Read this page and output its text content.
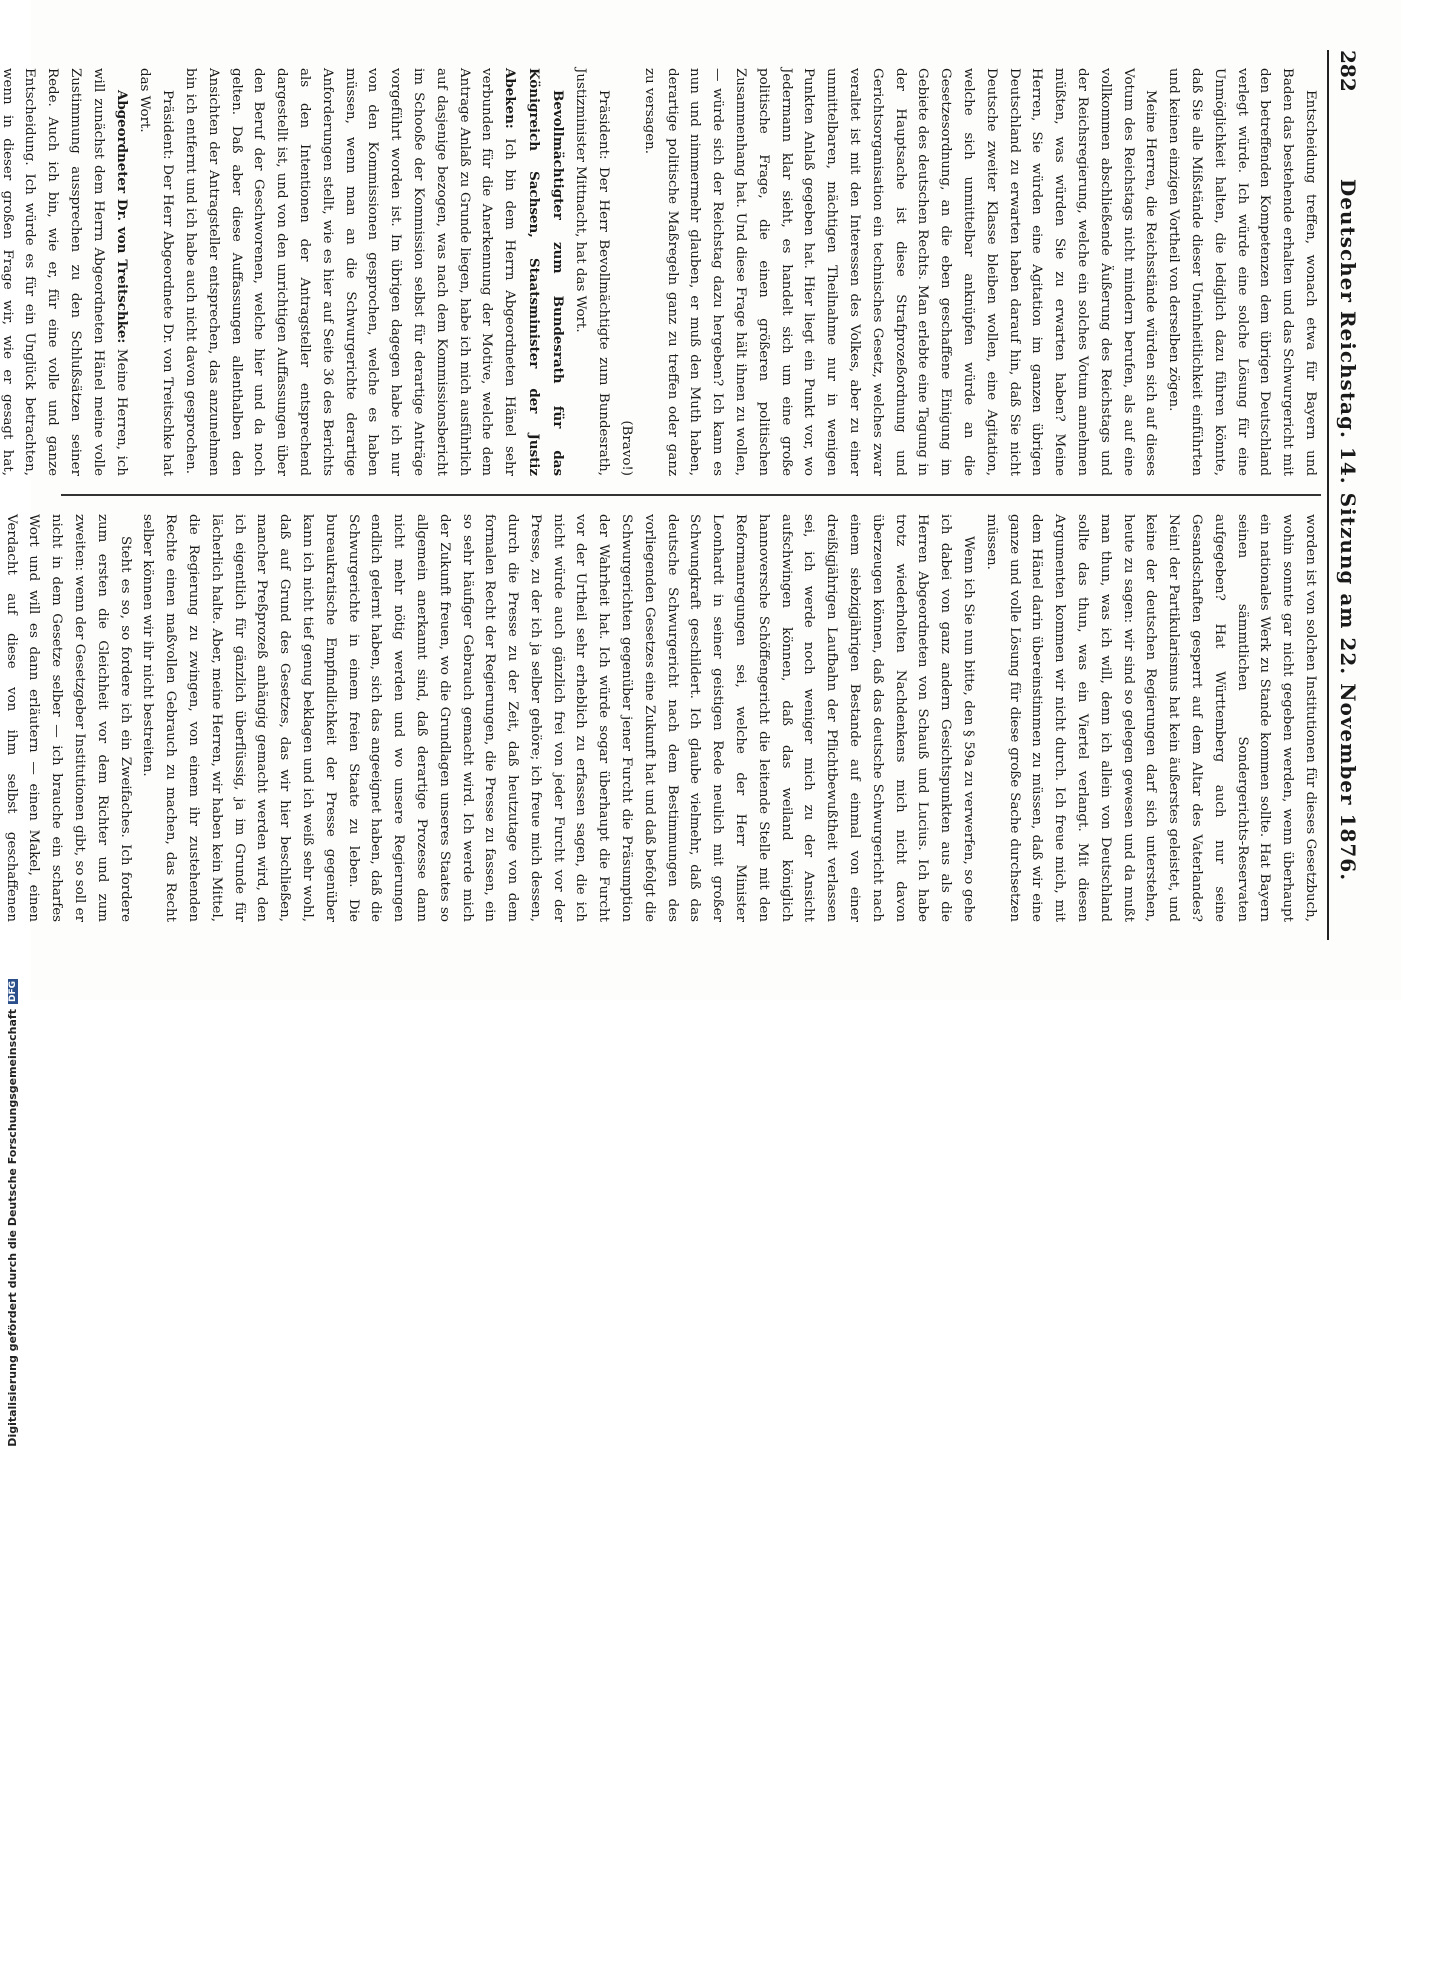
282
Deutscher Reichstag. 14. Sitzung am 22. November 1876.

Entscheidung treffen, wonach etwa für Bayern und Baden das bestehende erhalten und das Schwurgericht mit den betreffenden Kompetenzen dem übrigen Deutschland verlegt würde. Ich würde eine solche Lösung für eine Unmöglichkeit halten, die lediglich dazu führen könnte, daß Sie alle Mißstände dieser Uneinheitlichkeit einführten und keinen einzigen Vortheil von derselben zögen.

Meine Herren, die Reichsstände würden sich auf dieses Votum des Reichstags nicht mindern berufen, als auf eine vollkommen abschließende Äußerung des Reichstags und der Reichsregierung, welche ein solches Votum annehmen müßten, was würden Sie zu erwarten haben? Meine Herren, Sie würden eine Agitation im ganzen übrigen Deutschland zu erwarten haben darauf hin, daß Sie nicht Deutsche zweiter Klasse bleiben wollen, eine Agitation, welche sich unmittelbar anknüpfen würde an die Gesetzesordnung, an die eben geschaffene Einigung im Gebiete des deutschen Rechts. Man erlebte eine Tagung in der Hauptsache ist diese Strafprozeßordnung und Gerichtsorganisation ein technisches Gesetz, welches zwar veraltet ist mit den Interessen des Volkes, aber zu einer unmittelbaren, mächtigen Theilnahme nur in wenigen Punkten Anlaß gegeben hat. Hier liegt ein Punkt vor, wo Jedermann klar sieht, es handelt sich um eine große politische Frage, die einen größeren politischen Zusammenhang hat. Und diese Frage hält ihnen zu wollen, — würde sich der Reichstag dazu hergeben? Ich kann es nun und nimmermehr glauben, er muß den Muth haben, derartige politische Maßregeln ganz zu treffen oder ganz zu versagen.

(Bravo!)

Präsident: Der Herr Bevollmächtigte zum Bundesrath, Justizminister Mittnacht, hat das Wort.

Bevollmächtigter zum Bundesrath für das Königreich Sachsen, Staatsminister der Justiz Abeken: Ich bin dem Herrn Abgeordneten Hänel sehr verbunden für die Anerkennung der Motive, welche dem Antrage Anlaß zu Grunde liegen, habe ich mich ausführlich auf dasjenige bezogen, was nach dem Kommissionsbericht im Schooße der Kommission selbst für derartige Anträge vorgeführt worden ist. Im übrigen dagegen habe ich nur von den Kommissionen gesprochen, welche es haben müssen, wenn man an die Schwurgerichte derartige Anforderungen stellt, wie es hier auf Seite 36 des Berichts als den Intentionen der Antragsteller entsprechend dargestellt ist, und von den unrichtigen Auffassungen über den Beruf der Geschworenen, welche hier und da noch gelten. Daß aber diese Auffassungen allenthalben den Ansichten der Antragsteller entsprechen, das anzunehmen bin ich entfernt und ich habe auch nicht davon gesprochen.

Präsident: Der Herr Abgeordnete Dr. von Treitschke hat das Wort.

Abgeordneter Dr. von Treitschke: Meine Herren, ich will zunächst dem Herrn Abgeordneten Hänel meine volle Zustimmung aussprechen zu den Schlußsätzen seiner Rede. Auch ich bin, wie er, für eine volle und ganze Entscheidung. Ich würde es für ein Unglück betrachten, wenn in dieser großen Frage wir, wie er gesagt hat,

worden ist von solchen Institutionen für dieses Gesetzbuch, wohin sonnte gar nicht gegeben werden, wenn überhaupt ein nationales Werk zu Stande kommen sollte. Hat Bayern seinen sämmtlichen Sondergerichts-Reservaten aufgegeben? Hat Württemberg auch nur seine Gesandschaften gesperrt auf dem Altar des Vaterlandes? Nein! der Partikularismus hat kein äußerstes geleistet, und keine der deutschen Regierungen darf sich unterstehen, heute zu sagen: wir sind so gelegen gewesen und da mußt man thun, was ich will, denn ich allein von Deutschland sollte das thun, was ein Viertel verlangt. Mit diesen Argumenten kommen wir nicht durch. Ich freue mich, mit dem Hänel darin übereinstimmen zu müssen, daß wir eine ganze und volle Lösung für diese große Sache durchsetzen müssen.

Wenn ich Sie nun bitte, den § 59a zu verwerfen, so gehe ich dabei von ganz andern Gesichtspunkten aus als die Herren Abgeordneten von Schauß und Lucius. Ich habe trotz wiederholten Nachdenkens mich nicht davon überzeugen können, daß das deutsche Schwurgericht nach einem siebzigjährigen Bestande auf einmal von einer dreißigjährigen Laufbahn der Pflichtbewußtheit verlassen sei, ich werde noch weniger mich zu der Ansicht aufschwingen können, daß das weiland königlich hannoversche Schöffengericht die leitende Stelle mit den Reformanregungen sei, welche der Herr Minister Leonhardt in seiner geistigen Rede neulich mit großer Schwungkraft geschildert. Ich glaube vielmehr, daß das deutsche Schwurgericht nach dem Bestimmungen des vorliegenden Gesetzes eine Zukunft hat und daß befolgt die Schwurgerichten gegenüber jener Furcht die Präsumption der Wahrheit hat. Ich würde sogar überhaupt die Furcht vor der Urtheil sehr erheblich zu erfassen sagen, die ich nicht würde auch gänzlich frei von jeder Furcht vor der Presse, zu der ich ja selber gehöre; ich freue mich dessen, durch die Presse zu der Zeit, daß heutzutage von dem formalen Recht der Regierungen, die Presse zu fassen, ein so sehr häufiger Gebrauch gemacht wird. Ich werde mich der Zukunft freuen, wo die Grundlagen unseres Staates so allgemein anerkannt sind, daß derartige Prozesse dann nicht mehr nötig werden und wo unsere Regierungen endlich gelernt haben, sich das angeeignet haben, daß die Schwurgerichte in einem freien Staate zu leben. Die bureaukratische Empfindlichkeit der Presse gegenüber kann ich nicht tief genug beklagen und ich weiß sehr wohl, daß auf Grund des Gesetzes, das wir hier beschließen, mancher Preßprozeß anhängig gemacht werden wird, den ich eigentlich für gänzlich überflüssig, ja im Grunde für lächerlich halte. Aber, meine Herren, wir haben kein Mittel, die Regierung zu zwingen, von einem ihr zustehenden Rechte einen maßvollen Gebrauch zu machen, das Recht selber können wir ihr nicht bestreiten.

Steht es so, so fordere ich ein Zweifaches. Ich fordere zum ersten die Gleichheit vor dem Richter und zum zweiten: wenn der Gesetzgeber Institutionen gibt, so soll er nicht in dem Gesetze selber — ich brauche ein scharfes Wort und will es dann erläutern — einen Makel, einen Verdacht auf diese von ihm selbst geschaffenen

Digitalisierung gefördert durch die Deutsche Forschungsgemeinschaft
DFG
